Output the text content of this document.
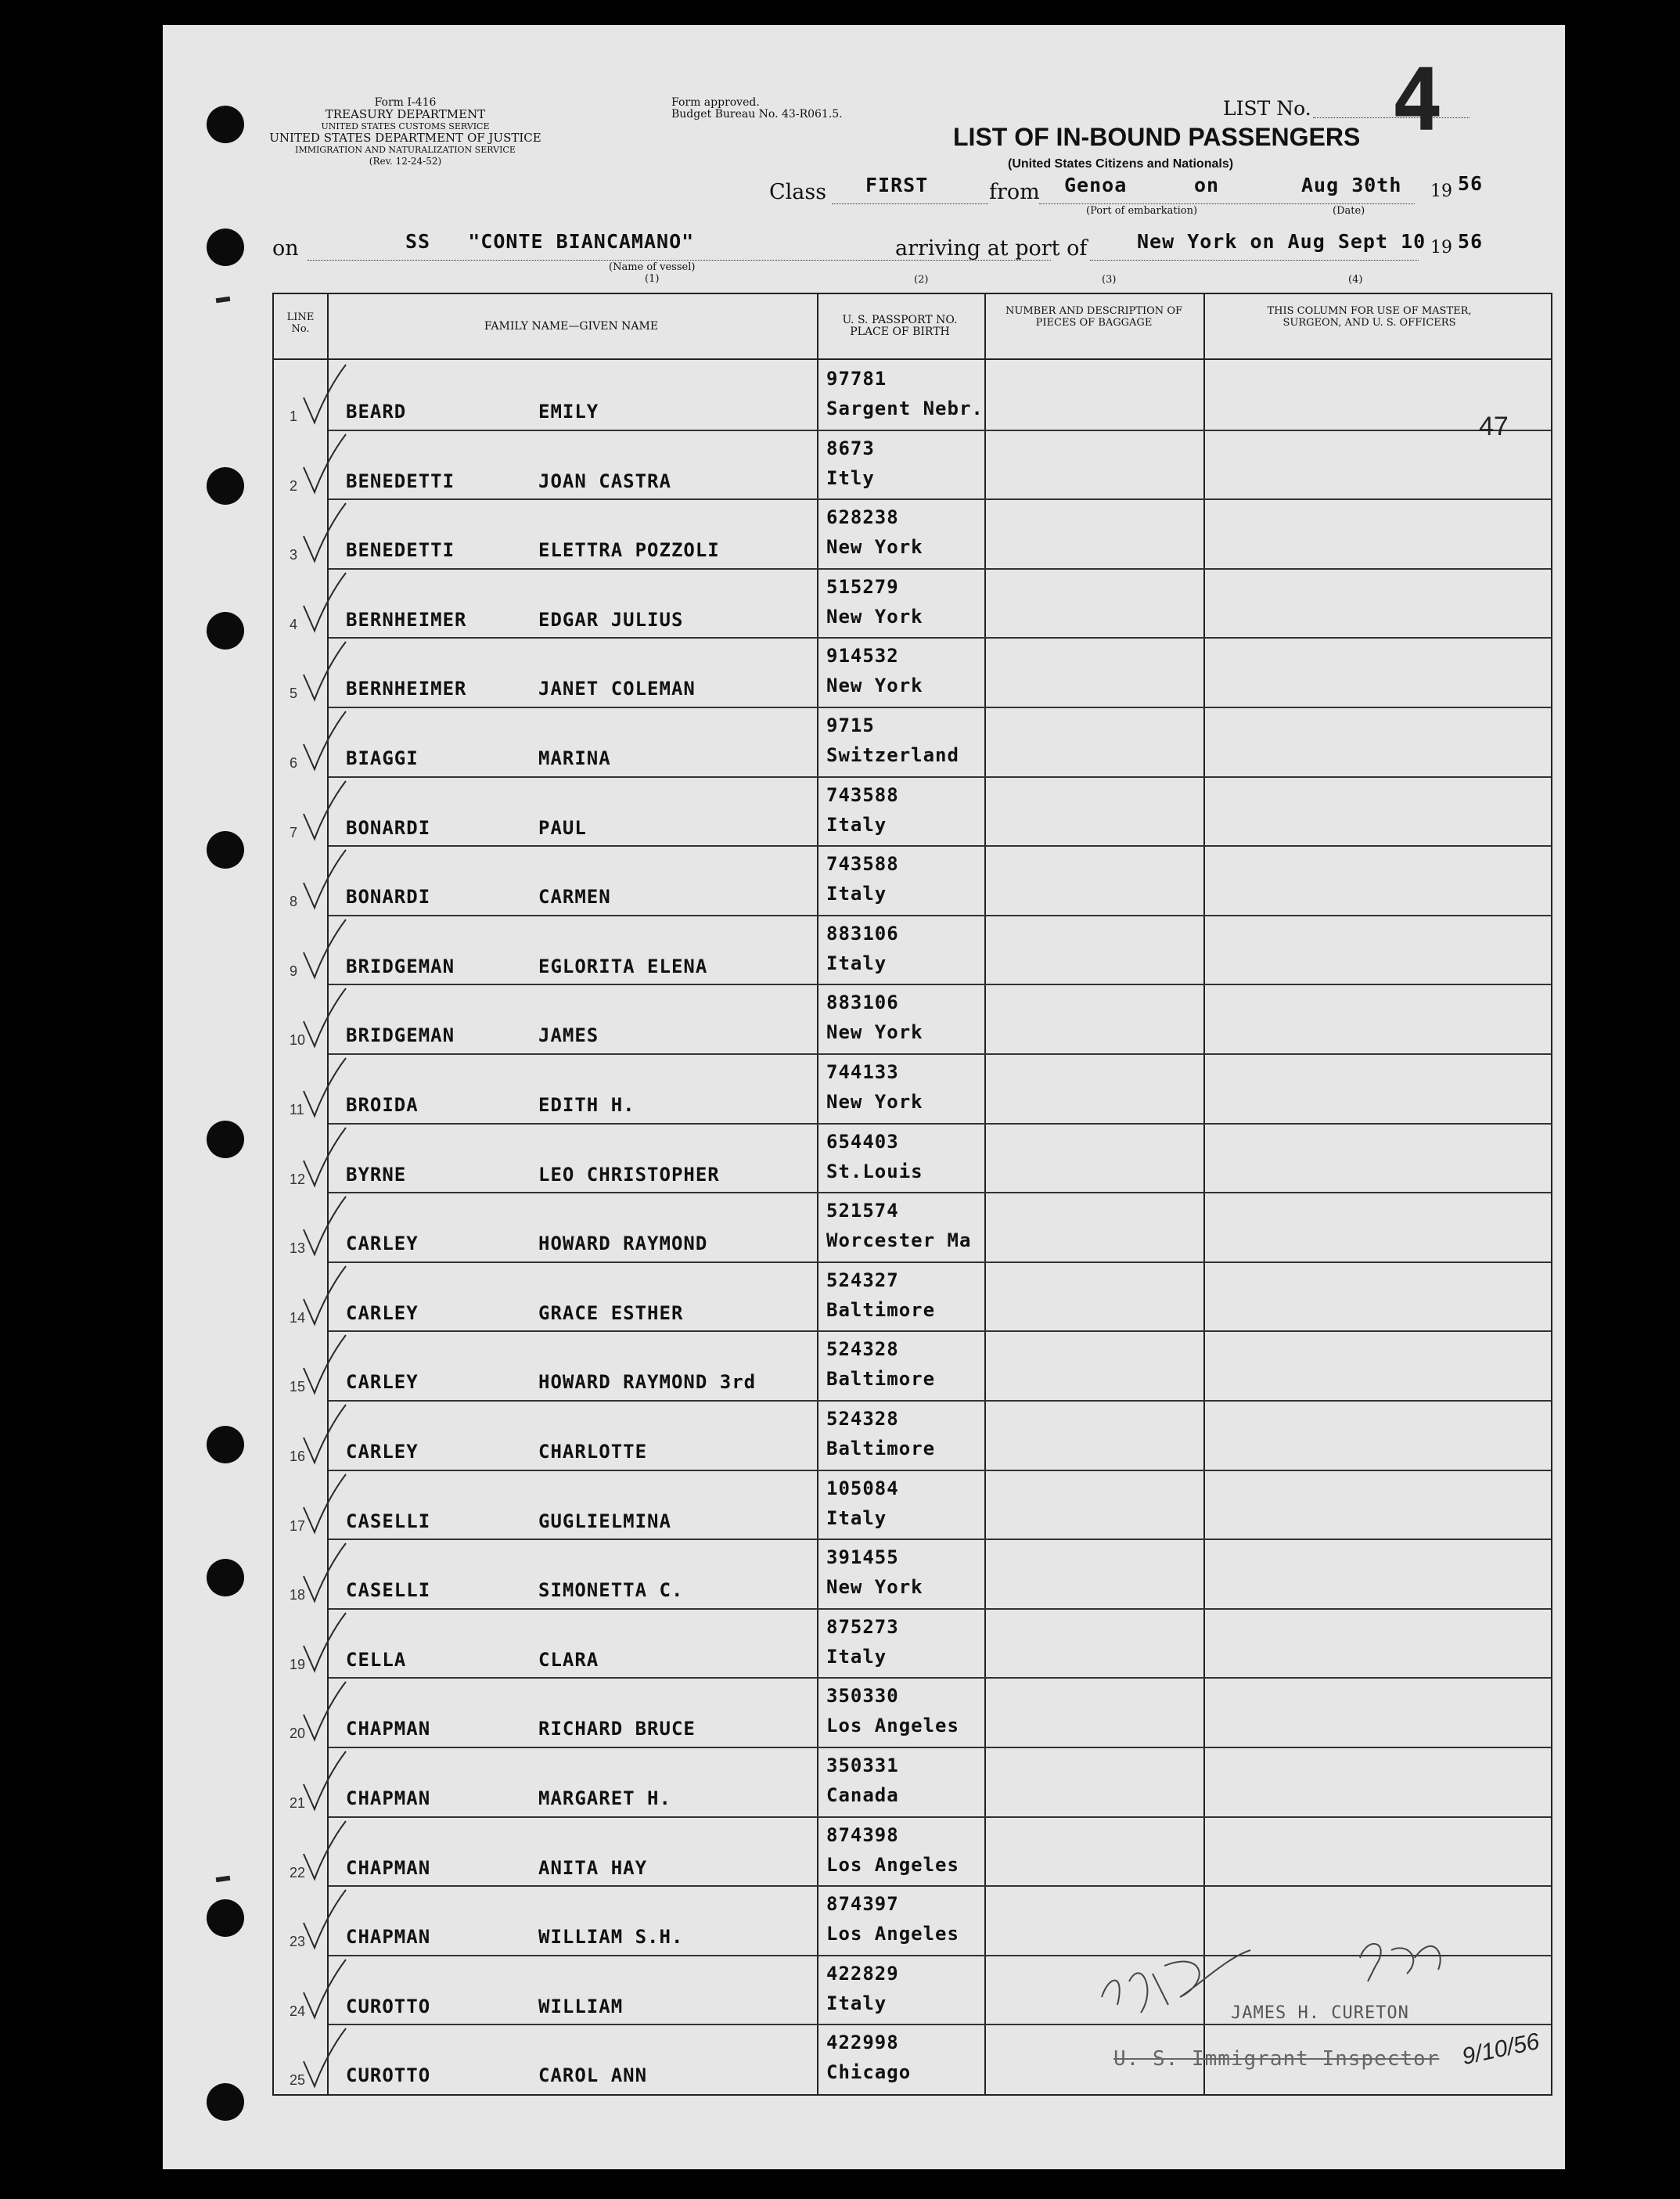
Form I-416
TREASURY DEPARTMENT
UNITED STATES CUSTOMS SERVICE
UNITED STATES DEPARTMENT OF JUSTICE
IMMIGRATION AND NATURALIZATION SERVICE
(Rev. 12-24-52)
Form approved.
Budget Bureau No. 43-R061.5.	LIST No. 4
LIST OF IN-BOUND PASSENGERS
(United States Citizens and Nationals)
Class FIRST	from Genoa	on	Aug 30th 19 56
(Port of embarkation)	(Date)
on	SS   "CONTE BIANCAMANO"
(Name of vessel)
(1)
arriving at port of	New York on Aug Sept 10 19 56
(2)	(3)	(4)
LINE No.	FAMILY NAME—GIVEN NAME	U. S. PASSPORT NO. PLACE OF BIRTH
NUMBER AND DESCRIPTION OF PIECES OF BAGGAGE
THIS COLUMN FOR USE OF MASTER, SURGEON, AND U. S. OFFICERS
1	BEARD	EMILY
97781
Sargent Nebr.
2	BENEDETTI	JOAN CASTRA
8673
Itly
3	BENEDETTI	ELETTRA POZZOLI
628238
New York
4	BERNHEIMER	EDGAR JULIUS
515279
New York
5	BERNHEIMER	JANET COLEMAN
914532
New York
6	BIAGGI	MARINA
9715
Switzerland
7	BONARDI	PAUL
743588
Italy
8	BONARDI	CARMEN
743588
Italy
9	BRIDGEMAN	EGLORITA ELENA
883106
Italy
10 BRIDGEMAN	JAMES
883106
New York
11 BROIDA	EDITH H.
744133
New York
12 BYRNE	LEO CHRISTOPHER
654403
St.Louis
13 CARLEY	HOWARD RAYMOND
521574
Worcester Ma
14 CARLEY	GRACE ESTHER
524327
Baltimore
15 CARLEY	HOWARD RAYMOND 3rd
524328
Baltimore
16 CARLEY	CHARLOTTE
524328
Baltimore
17 CASELLI	GUGLIELMINA
105084
Italy
18 CASELLI	SIMONETTA C.
391455
New York
19 CELLA	CLARA
875273
Italy
20 CHAPMAN	RICHARD BRUCE
350330
Los Angeles
21 CHAPMAN	MARGARET H.
350331
Canada
22 CHAPMAN	ANITA HAY
874398
Los Angeles
23 CHAPMAN	WILLIAM S.H.
874397
Los Angeles
24 CUROTTO	WILLIAM
422829
Italy
25 CUROTTO	CAROL ANN
422998
Chicago
47
JAMES H. CURETON
U. S. Immigrant Inspector 9/10/56
